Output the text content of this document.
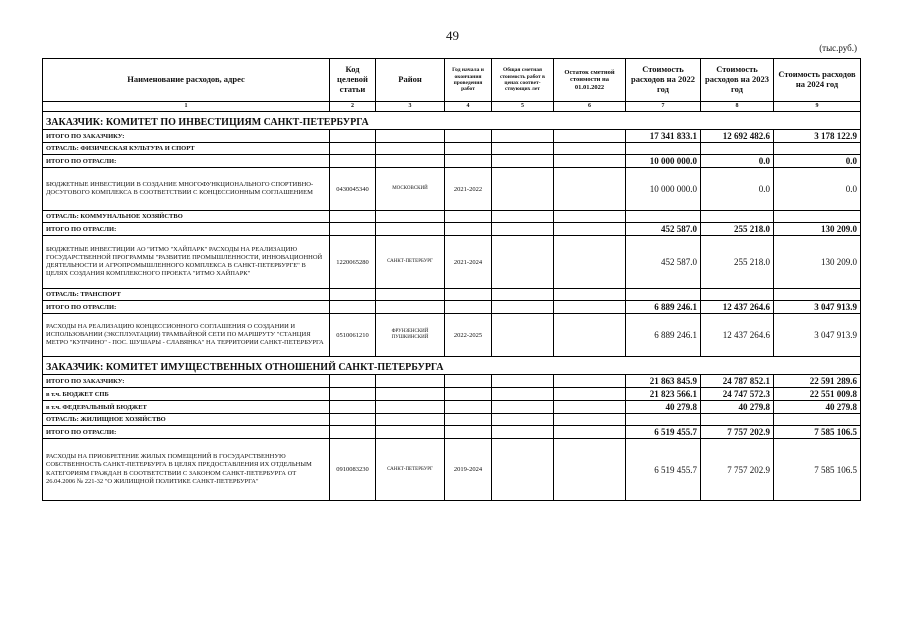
49
(тыс.руб.)
Наименование расходов, адрес	Код целевой статьи	Район	Год начала и окончания проведения работ	Общая сметная стоимость работ в ценах соответ-ствующих лет	Остаток сметной стоимости на 01.01.2022	Стоимость расходов на 2022 год	Стоимость расходов на 2023 год	Стоимость расходов на 2024 год
1	2	3	4	5	6	7	8	9
ЗАКАЗЧИК: КОМИТЕТ ПО ИНВЕСТИЦИЯМ САНКТ-ПЕТЕРБУРГА								
ИТОГО ПО ЗАКАЗЧИКУ:						17 341 833.1	12 692 482.6	3 178 122.9
ОТРАСЛЬ: ФИЗИЧЕСКАЯ КУЛЬТУРА И СПОРТ								
ИТОГО ПО ОТРАСЛИ:						10 000 000.0	0.0	0.0
БЮДЖЕТНЫЕ ИНВЕСТИЦИИ В СОЗДАНИЕ МНОГОФУНКЦИОНАЛЬНОГО СПОРТИВНО-ДОСУГОВОГО КОМПЛЕКСА В СООТВЕТСТВИИ С КОНЦЕССИОННЫМ СОГЛАШЕНИЕМ	0430045340	МОСКОВСКИЙ	2021-2022			10 000 000.0	0.0	0.0
ОТРАСЛЬ: КОММУНАЛЬНОЕ ХОЗЯЙСТВО								
ИТОГО ПО ОТРАСЛИ:						452 587.0	255 218.0	130 209.0
БЮДЖЕТНЫЕ ИНВЕСТИЦИИ АО "ИТМО "ХАЙПАРК" РАСХОДЫ НА РЕАЛИЗАЦИЮ ГОСУДАРСТВЕННОЙ ПРОГРАММЫ "РАЗВИТИЕ ПРОМЫШЛЕННОСТИ, ИННОВАЦИОННОЙ ДЕЯТЕЛЬНОСТИ И АГРОПРОМЫШЛЕННОГО КОМПЛЕКСА В САНКТ-ПЕТЕРБУРГЕ" В ЦЕЛЯХ СОЗДАНИЯ КОМПЛЕКСНОГО ПРОЕКТА "ИТМО ХАЙПАРК"	1220065280	САНКТ-ПЕТЕРБУРГ	2021-2024			452 587.0	255 218.0	130 209.0
ОТРАСЛЬ: ТРАНСПОРТ								
ИТОГО ПО ОТРАСЛИ:						6 889 246.1	12 437 264.6	3 047 913.9
РАСХОДЫ НА РЕАЛИЗАЦИЮ КОНЦЕССИОННОГО СОГЛАШЕНИЯ О СОЗДАНИИ И ИСПОЛЬЗОВАНИИ (ЭКСПЛУАТАЦИИ) ТРАМВАЙНОЙ СЕТИ ПО МАРШРУТУ "СТАНЦИЯ МЕТРО "КУПЧИНО" - ПОС. ШУШАРЫ - СЛАВЯНКА" НА ТЕРРИТОРИИ САНКТ-ПЕТЕРБУРГА	0510061210	ФРУНЗЕНСКИЙ ПУШКИНСКИЙ	2022-2025			6 889 246.1	12 437 264.6	3 047 913.9
ЗАКАЗЧИК: КОМИТЕТ ИМУЩЕСТВЕННЫХ ОТНОШЕНИЙ САНКТ-ПЕТЕРБУРГА								
ИТОГО ПО ЗАКАЗЧИКУ:						21 863 845.9	24 787 852.1	22 591 289.6
в т.ч. БЮДЖЕТ СПБ						21 823 566.1	24 747 572.3	22 551 009.8
в т.ч. ФЕДЕРАЛЬНЫЙ БЮДЖЕТ						40 279.8	40 279.8	40 279.8
ОТРАСЛЬ: ЖИЛИЩНОЕ ХОЗЯЙСТВО								
ИТОГО ПО ОТРАСЛИ:						6 519 455.7	7 757 202.9	7 585 106.5
РАСХОДЫ НА ПРИОБРЕТЕНИЕ ЖИЛЫХ ПОМЕЩЕНИЙ В ГОСУДАРСТВЕННУЮ СОБСТВЕННОСТЬ САНКТ-ПЕТЕРБУРГА В ЦЕЛЯХ ПРЕДОСТАВЛЕНИЯ ИХ ОТДЕЛЬНЫМ КАТЕГОРИЯМ ГРАЖДАН В СООТВЕТСТВИИ С ЗАКОНОМ САНКТ-ПЕТЕРБУРГА ОТ 26.04.2006 № 221-32 "О ЖИЛИЩНОЙ ПОЛИТИКЕ САНКТ-ПЕТЕРБУРГА"	0910083230	САНКТ-ПЕТЕРБУРГ	2019-2024			6 519 455.7	7 757 202.9	7 585 106.5
